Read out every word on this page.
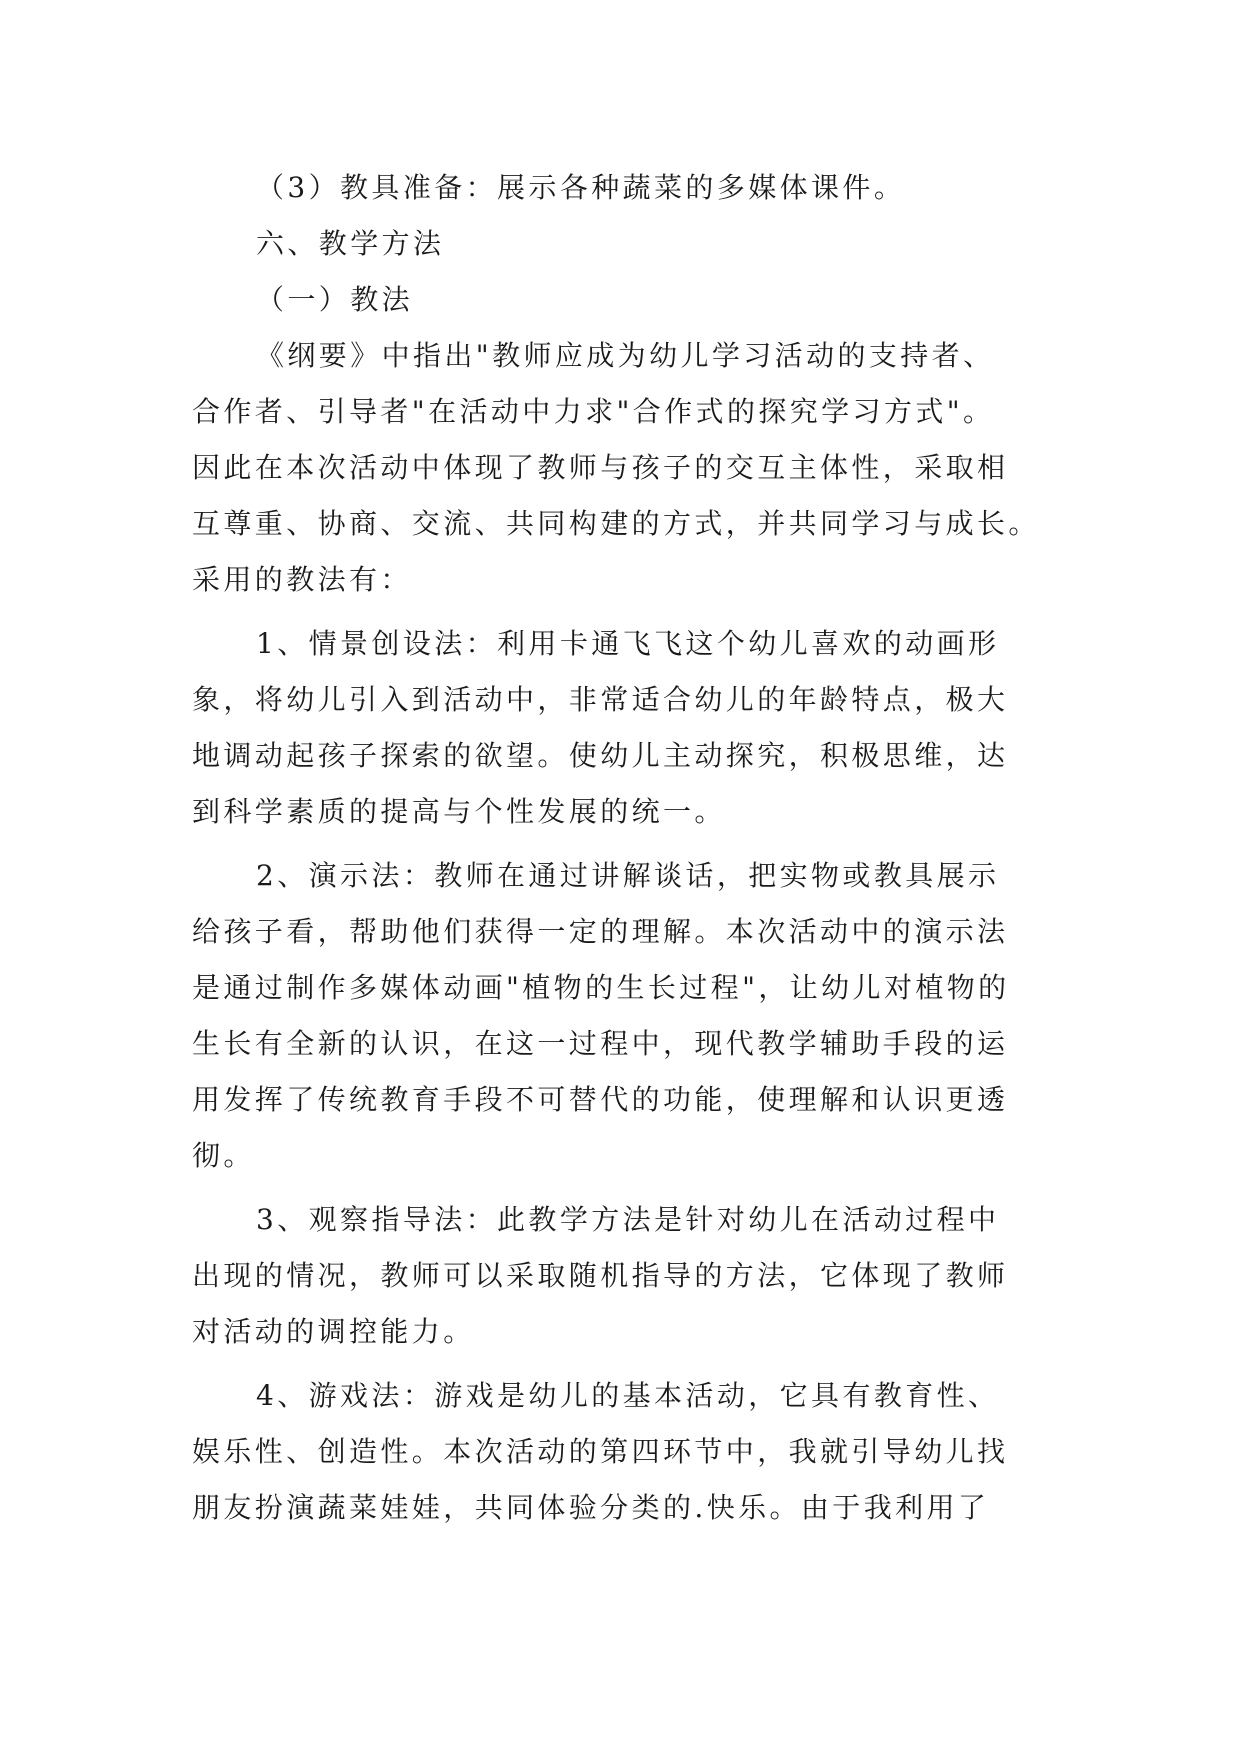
（3）教具准备：展示各种蔬菜的多媒体课件。
六、教学方法
（一）教法
《纲要》中指出"教师应成为幼儿学习活动的支持者、
合作者、引导者"在活动中力求"合作式的探究学习方式"。
因此在本次活动中体现了教师与孩子的交互主体性，采取相
互尊重、协商、交流、共同构建的方式，并共同学习与成长。
采用的教法有：
1、情景创设法：利用卡通飞飞这个幼儿喜欢的动画形
象，将幼儿引入到活动中，非常适合幼儿的年龄特点，极大
地调动起孩子探索的欲望。使幼儿主动探究，积极思维，达
到科学素质的提高与个性发展的统一。
2、演示法：教师在通过讲解谈话，把实物或教具展示
给孩子看，帮助他们获得一定的理解。本次活动中的演示法
是通过制作多媒体动画"植物的生长过程"，让幼儿对植物的
生长有全新的认识，在这一过程中，现代教学辅助手段的运
用发挥了传统教育手段不可替代的功能，使理解和认识更透
彻。
3、观察指导法：此教学方法是针对幼儿在活动过程中
出现的情况，教师可以采取随机指导的方法，它体现了教师
对活动的调控能力。
4、游戏法：游戏是幼儿的基本活动，它具有教育性、
娱乐性、创造性。本次活动的第四环节中，我就引导幼儿找
朋友扮演蔬菜娃娃，共同体验分类的.快乐。由于我利用了
